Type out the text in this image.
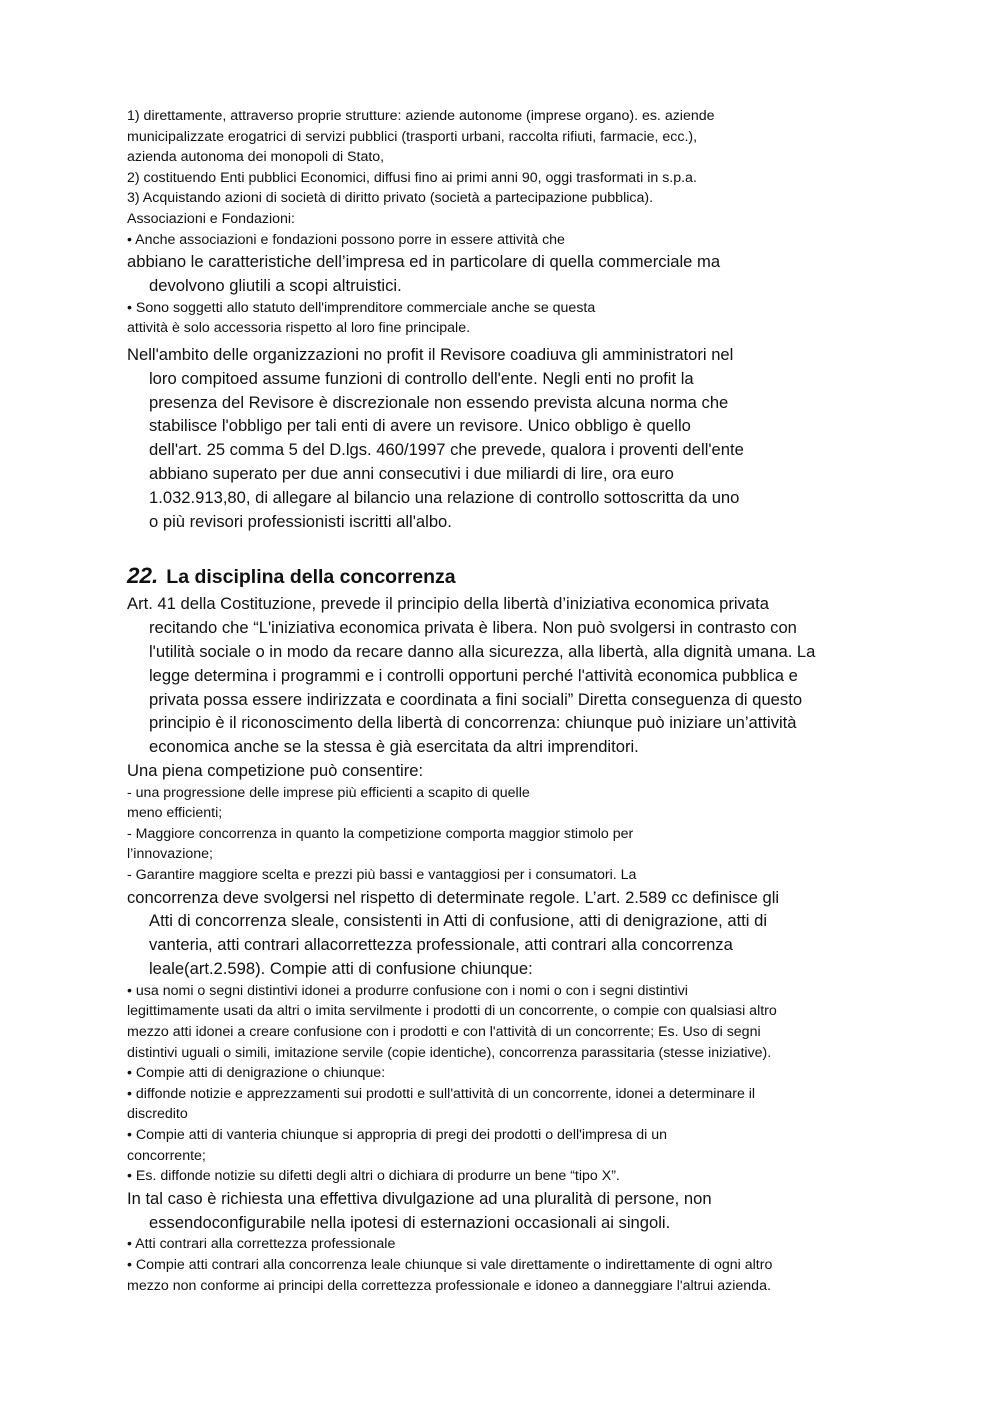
1) direttamente, attraverso proprie strutture: aziende autonome (imprese organo). es. aziende

municipalizzate erogatrici di servizi pubblici (trasporti urbani, raccolta rifiuti, farmacie, ecc.),

azienda autonoma dei monopoli di Stato,

2) costituendo Enti pubblici Economici, diffusi fino ai primi anni 90, oggi trasformati in s.p.a.

3) Acquistando azioni di società di diritto privato (società a partecipazione pubblica).

Associazioni e Fondazioni:

• Anche associazioni e fondazioni possono porre in essere attività che

abbiano le caratteristiche dell’impresa ed in particolare di quella commerciale ma

devolvono gliutili a scopi altruistici.

• Sono soggetti allo statuto dell'imprenditore commerciale anche se questa

attività è solo accessoria rispetto al loro fine principale.

Nell'ambito delle organizzazioni no profit il Revisore coadiuva gli amministratori nel

loro compitoed assume funzioni di controllo dell'ente. Negli enti no profit la

presenza del Revisore è discrezionale non essendo prevista alcuna norma che

stabilisce l'obbligo per tali enti di avere un revisore. Unico obbligo è quello

dell'art. 25 comma 5 del D.lgs. 460/1997 che prevede, qualora i proventi dell'ente

abbiano superato per due anni consecutivi i due miliardi di lire, ora euro

1.032.913,80, di allegare al bilancio una relazione di controllo sottoscritta da uno

o più revisori professionisti iscritti all'albo.

22. La disciplina della concorrenza

Art. 41 della Costituzione, prevede il principio della libertà d’iniziativa economica privata

recitando che “L'iniziativa economica privata è libera. Non può svolgersi in contrasto con

l'utilità sociale o in modo da recare danno alla sicurezza, alla libertà, alla dignità umana. La

legge determina i programmi e i controlli opportuni perché l'attività economica pubblica e

privata possa essere indirizzata e coordinata a fini sociali” Diretta conseguenza di questo

principio è il riconoscimento della libertà di concorrenza: chiunque può iniziare un’attività

economica anche se la stessa è già esercitata da altri imprenditori.

Una piena competizione può consentire:

- una progressione delle imprese più efficienti a scapito di quelle

meno efficienti;

- Maggiore concorrenza in quanto la competizione comporta maggior stimolo per

l’innovazione;

- Garantire maggiore scelta e prezzi più bassi e vantaggiosi per i consumatori. La

concorrenza deve svolgersi nel rispetto di determinate regole. L’art. 2.589 cc definisce gli

Atti di concorrenza sleale, consistenti in Atti di confusione, atti di denigrazione, atti di

vanteria, atti contrari allacorrettezza professionale, atti contrari alla concorrenza

leale(art.2.598). Compie atti di confusione chiunque:

• usa nomi o segni distintivi idonei a produrre confusione con i nomi o con i segni distintivi

legittimamente usati da altri o imita servilmente i prodotti di un concorrente, o compie con qualsiasi altro

mezzo atti idonei a creare confusione con i prodotti e con l'attività di un concorrente; Es. Uso di segni

distintivi uguali o simili, imitazione servile (copie identiche), concorrenza parassitaria (stesse iniziative).

• Compie atti di denigrazione o chiunque:

• diffonde notizie e apprezzamenti sui prodotti e sull'attività di un concorrente, idonei a determinare il

discredito

• Compie atti di vanteria chiunque si appropria di pregi dei prodotti o dell'impresa di un

concorrente;

• Es. diffonde notizie su difetti degli altri o dichiara di produrre un bene “tipo X”.

In tal caso è richiesta una effettiva divulgazione ad una pluralità di persone, non

essendoconfigurabile nella ipotesi di esternazioni occasionali ai singoli.

• Atti contrari alla correttezza professionale

• Compie atti contrari alla concorrenza leale chiunque si vale direttamente o indirettamente di ogni altro

mezzo non conforme ai principi della correttezza professionale e idoneo a danneggiare l'altrui azienda.
